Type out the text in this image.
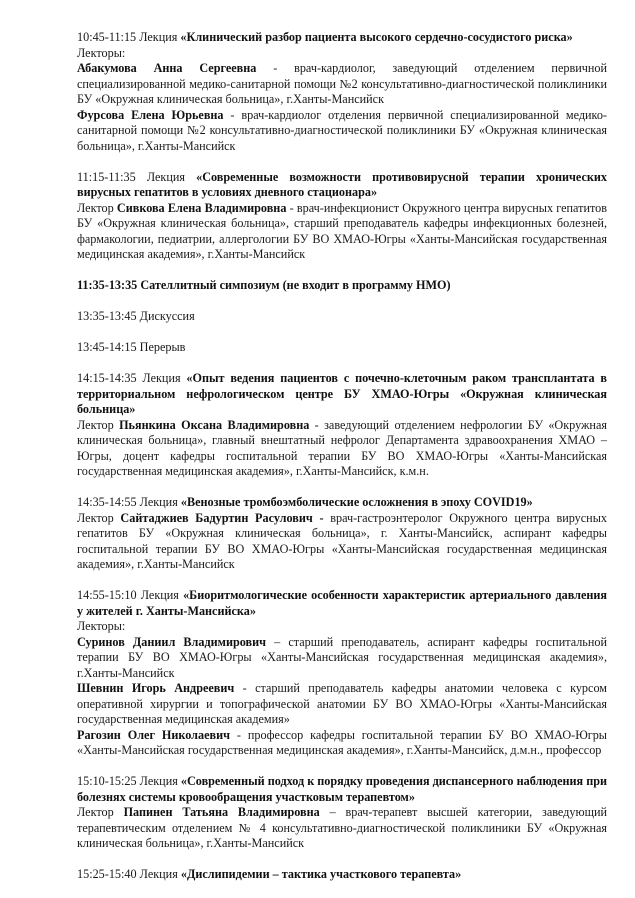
10:45-11:15 Лекция «Клинический разбор пациента высокого сердечно-сосудистого риска»

Лекторы:

Абакумова Анна Сергеевна - врач-кардиолог, заведующий отделением первичной специализированной медико-санитарной помощи №2 консультативно-диагностической поликлиники БУ «Окружная клиническая больница», г.Ханты-Мансийск

Фурсова Елена Юрьевна - врач-кардиолог отделения первичной специализированной медико-санитарной помощи №2 консультативно-диагностической поликлиники БУ «Окружная клиническая больница», г.Ханты-Мансийск

11:15-11:35 Лекция «Современные возможности противовирусной терапии хронических вирусных гепатитов в условиях дневного стационара»

Лектор Сивкова Елена Владимировна - врач-инфекционист Окружного центра вирусных гепатитов БУ «Окружная клиническая больница», старший преподаватель кафедры инфекционных болезней, фармакологии, педиатрии, аллергологии БУ ВО ХМАО-Югры «Ханты-Мансийская государственная медицинская академия», г.Ханты-Мансийск

11:35-13:35 Сателлитный симпозиум (не входит в программу НМО)

13:35-13:45 Дискуссия

13:45-14:15 Перерыв

14:15-14:35 Лекция «Опыт ведения пациентов с почечно-клеточным раком трансплантата в территориальном нефрологическом центре БУ ХМАО-Югры «Окружная клиническая больница»

Лектор Пьянкина Оксана Владимировна - заведующий отделением нефрологии БУ «Окружная клиническая больница», главный внештатный нефролог Департамента здравоохранения ХМАО – Югры, доцент кафедры госпитальной терапии БУ ВО ХМАО-Югры «Ханты-Мансийская государственная медицинская академия», г.Ханты-Мансийск, к.м.н.

14:35-14:55 Лекция «Венозные тромбоэмболические осложнения в эпоху COVID19»

Лектор Сайтаджиев Бадуртин Расулович - врач-гастроэнтеролог Окружного центра вирусных гепатитов БУ «Окружная клиническая больница», г. Ханты-Мансийск, аспирант кафедры госпитальной терапии БУ ВО ХМАО-Югры «Ханты-Мансийская государственная медицинская академия», г.Ханты-Мансийск

14:55-15:10 Лекция «Биоритмологические особенности характеристик артериального давления у жителей г. Ханты-Мансийска»

Лекторы:

Суринов Даниил Владимирович – старший преподаватель, аспирант кафедры госпитальной терапии БУ ВО ХМАО-Югры «Ханты-Мансийская государственная медицинская академия», г.Ханты-Мансийск

Шевнин Игорь Андреевич - старший преподаватель кафедры анатомии человека с курсом оперативной хирургии и топографической анатомии БУ ВО ХМАО-Югры «Ханты-Мансийская государственная медицинская академия»

Рагозин Олег Николаевич - профессор кафедры госпитальной терапии БУ ВО ХМАО-Югры «Ханты-Мансийская государственная медицинская академия», г.Ханты-Мансийск, д.м.н., профессор

15:10-15:25 Лекция «Современный подход к порядку проведения диспансерного наблюдения при болезнях системы кровообращения участковым терапевтом»

Лектор Папинен Татьяна Владимировна – врач-терапевт высшей категории, заведующий терапевтическим отделением № 4 консультативно-диагностической поликлиники БУ «Окружная клиническая больница», г.Ханты-Мансийск

15:25-15:40 Лекция «Дислипидемии – тактика участкового терапевта»
